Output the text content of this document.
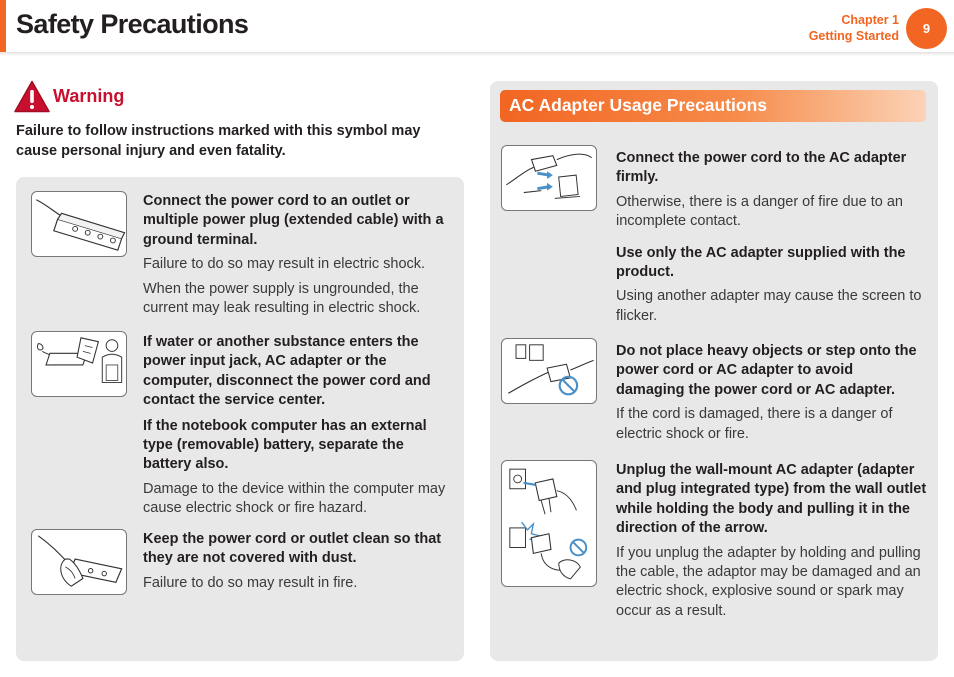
Safety Precautions	Chapter 1
Getting Started	9
Warning
Failure to follow instructions marked with this symbol may cause personal injury and even fatality.
AC Adapter Usage Precautions

Connect the power cord to an outlet or multiple power plug (extended cable) with a ground terminal.

Failure to do so may result in electric shock.

When the power supply is ungrounded, the current may leak resulting in electric shock.

If water or another substance enters the power input jack, AC adapter or the computer, disconnect the power cord and contact the service center.

If the notebook computer has an external type (removable) battery, separate the battery also.

Damage to the device within the computer may cause electric shock or fire hazard.

Keep the power cord or outlet clean so that they are not covered with dust.

Failure to do so may result in fire.

Connect the power cord to the AC adapter firmly.

Otherwise, there is a danger of fire due to an incomplete contact.

Use only the AC adapter supplied with the product.

Using another adapter may cause the screen to flicker.

Do not place heavy objects or step onto the power cord or AC adapter to avoid damaging the power cord or AC adapter.

If the cord is damaged, there is a danger of electric shock or fire.

Unplug the wall-mount AC adapter (adapter and plug integrated type) from the wall outlet while holding the body and pulling it in the direction of the arrow.

If you unplug the adapter by holding and pulling the cable, the adaptor may be damaged and an electric shock, explosive sound or spark may occur as a result.
